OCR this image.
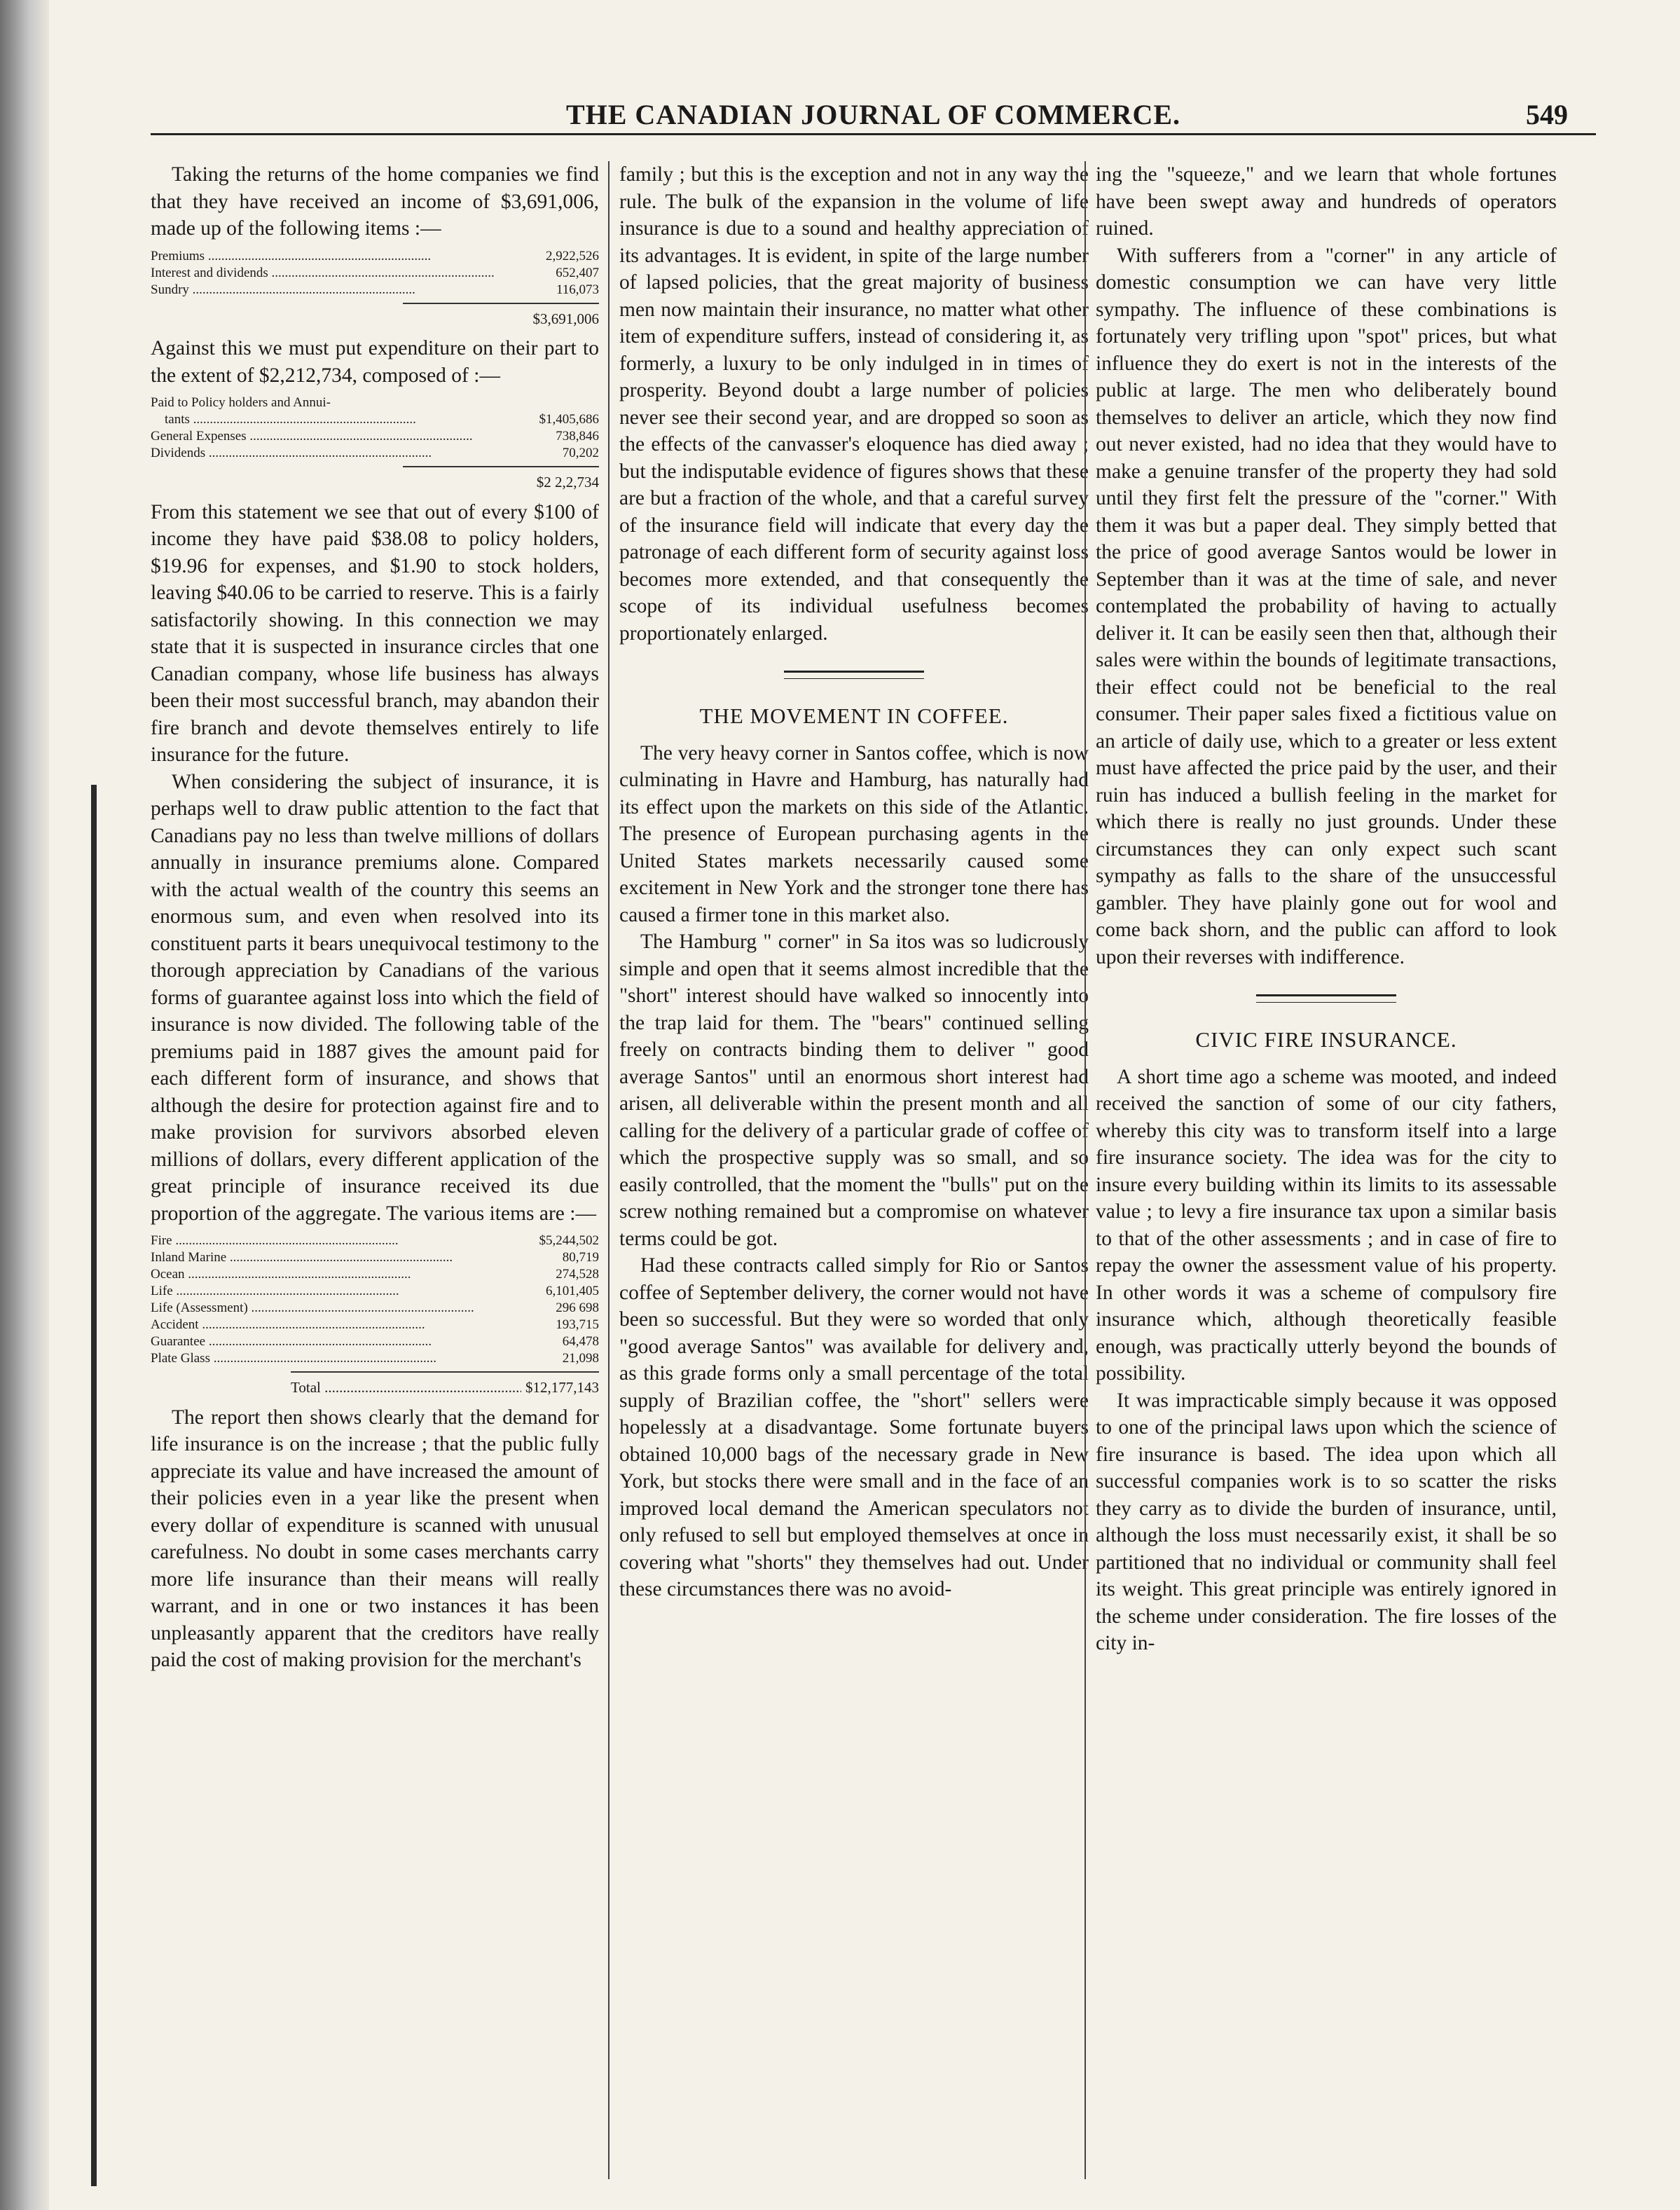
THE CANADIAN JOURNAL OF COMMERCE.	549

Taking the returns of the home companies we find that they have received an income of $3,691,006, made up of the following items :—

Premiums .....	2,922,526
Interest and dividends .....	652,407
Sundry .....	116,073
$3,691,006

Against this we must put expenditure on their part to the extent of $2,212,734, composed of :—

Paid to Policy holders and Annui-
tants .....	$1,405,686
General Expenses .....	738,846
Dividends .....	70,202
$2 2,2,734

From this statement we see that out of every $100 of income they have paid $38.08 to policy holders, $19.96 for expenses, and $1.90 to stock holders, leaving $40.06 to be carried to reserve. This is a fairly satisfactorily showing. In this connection we may state that it is suspected in insurance circles that one Canadian company, whose life business has always been their most successful branch, may abandon their fire branch and devote themselves entirely to life insurance for the future.

When considering the subject of insurance, it is perhaps well to draw public attention to the fact that Canadians pay no less than twelve millions of dollars annually in insurance premiums alone. Compared with the actual wealth of the country this seems an enormous sum, and even when resolved into its constituent parts it bears unequivocal testimony to the thorough appreciation by Canadians of the various forms of guarantee against loss into which the field of insurance is now divided. The following table of the premiums paid in 1887 gives the amount paid for each different form of insurance, and shows that although the desire for protection against fire and to make provision for survivors absorbed eleven millions of dollars, every different application of the great principle of insurance received its due proportion of the aggregate. The various items are :—

Fire .....	$5,244,502
Inland Marine .....	80,719
Ocean .....	274,528
Life .....	6,101,405
Life (Assessment) .....	296 698
Accident .....	193,715
Guarantee .....	64,478
Plate Glass .....	21,098
Total .....	$12,177,143

The report then shows clearly that the demand for life insurance is on the increase ; that the public fully appreciate its value and have increased the amount of their policies even in a year like the present when every dollar of expenditure is scanned with unusual carefulness. No doubt in some cases merchants carry more life insurance than their means will really warrant, and in one or two instances it has been unpleasantly apparent that the creditors have really paid the cost of making provision for the merchant's

family ; but this is the exception and not in any way the rule. The bulk of the expansion in the volume of life insurance is due to a sound and healthy appreciation of its advantages. It is evident, in spite of the large number of lapsed policies, that the great majority of business men now maintain their insurance, no matter what other item of expenditure suffers, instead of considering it, as formerly, a luxury to be only indulged in in times of prosperity. Beyond doubt a large number of policies never see their second year, and are dropped so soon as the effects of the canvasser's eloquence has died away ; but the indisputable evidence of figures shows that these are but a fraction of the whole, and that a careful survey of the insurance field will indicate that every day the patronage of each different form of security against loss becomes more extended, and that consequently the scope of its individual usefulness becomes proportionately enlarged.

THE MOVEMENT IN COFFEE.

The very heavy corner in Santos coffee, which is now culminating in Havre and Hamburg, has naturally had its effect upon the markets on this side of the Atlantic. The presence of European purchasing agents in the United States markets necessarily caused some excitement in New York and the stronger tone there has caused a firmer tone in this market also.

The Hamburg " corner" in Sa itos was so ludicrously simple and open that it seems almost incredible that the "short" interest should have walked so innocently into the trap laid for them. The "bears" continued selling freely on contracts binding them to deliver " good average Santos" until an enormous short interest had arisen, all deliverable within the present month and all calling for the delivery of a particular grade of coffee of which the prospective supply was so small, and so easily controlled, that the moment the "bulls" put on the screw nothing remained but a compromise on whatever terms could be got.

Had these contracts called simply for Rio or Santos coffee of September delivery, the corner would not have been so successful. But they were so worded that only "good average Santos" was available for delivery and, as this grade forms only a small percentage of the total supply of Brazilian coffee, the "short" sellers were hopelessly at a disadvantage. Some fortunate buyers obtained 10,000 bags of the necessary grade in New York, but stocks there were small and in the face of an improved local demand the American speculators not only refused to sell but employed themselves at once in covering what "shorts" they themselves had out. Under these circumstances there was no avoid-

ing the "squeeze," and we learn that whole fortunes have been swept away and hundreds of operators ruined.

With sufferers from a "corner" in any article of domestic consumption we can have very little sympathy. The influence of these combinations is fortunately very trifling upon "spot" prices, but what influence they do exert is not in the interests of the public at large. The men who deliberately bound themselves to deliver an article, which they now find out never existed, had no idea that they would have to make a genuine transfer of the property they had sold until they first felt the pressure of the "corner." With them it was but a paper deal. They simply betted that the price of good average Santos would be lower in September than it was at the time of sale, and never contemplated the probability of having to actually deliver it. It can be easily seen then that, although their sales were within the bounds of legitimate transactions, their effect could not be beneficial to the real consumer. Their paper sales fixed a fictitious value on an article of daily use, which to a greater or less extent must have affected the price paid by the user, and their ruin has induced a bullish feeling in the market for which there is really no just grounds. Under these circumstances they can only expect such scant sympathy as falls to the share of the unsuccessful gambler. They have plainly gone out for wool and come back shorn, and the public can afford to look upon their reverses with indifference.

CIVIC FIRE INSURANCE.

A short time ago a scheme was mooted, and indeed received the sanction of some of our city fathers, whereby this city was to transform itself into a large fire insurance society. The idea was for the city to insure every building within its limits to its assessable value ; to levy a fire insurance tax upon a similar basis to that of the other assessments ; and in case of fire to repay the owner the assessment value of his property. In other words it was a scheme of compulsory fire insurance which, although theoretically feasible enough, was practically utterly beyond the bounds of possibility.

It was impracticable simply because it was opposed to one of the principal laws upon which the science of fire insurance is based. The idea upon which all successful companies work is to so scatter the risks they carry as to divide the burden of insurance, until, although the loss must necessarily exist, it shall be so partitioned that no individual or community shall feel its weight. This great principle was entirely ignored in the scheme under consideration. The fire losses of the city in-
